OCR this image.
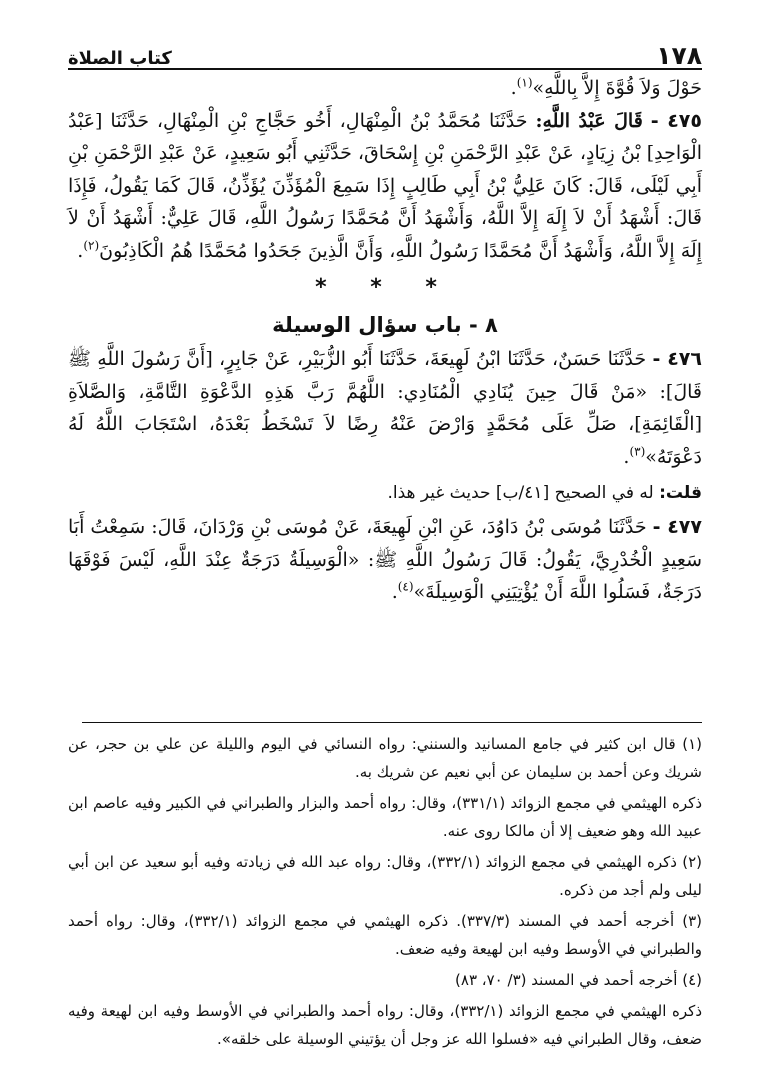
١٧٨
كتاب الصلاة

حَوْلَ وَلاَ قُوَّةَ إِلاَّ بِاللَّهِ»$^{(١)}$.

٤٧٥ - قَالَ عَبْدُ اللَّهِ: حَدَّثَنَا مُحَمَّدُ بْنُ الْمِنْهَالِ، أَخُو حَجَّاجِ بْنِ الْمِنْهَالِ، حَدَّثَنَا [عَبْدُ الْوَاحِدِ] بْنُ زِيَادٍ، عَنْ عَبْدِ الرَّحْمَنِ بْنِ إِسْحَاقَ، حَدَّثَنِي أَبُو سَعِيدٍ، عَنْ عَبْدِ الرَّحْمَنِ بْنِ أَبِي لَيْلَى، قَالَ: كَانَ عَلِيُّ بْنُ أَبِي طَالِبٍ إِذَا سَمِعَ الْمُؤَذِّنَ يُؤَذِّنُ، قَالَ كَمَا يَقُولُ، فَإِذَا قَالَ: أَشْهَدُ أَنْ لاَ إِلَهَ إِلاَّ اللَّهُ، وَأَشْهَدُ أَنَّ مُحَمَّدًا رَسُولُ اللَّهِ، قَالَ عَلِيٌّ: أَشْهَدُ أَنْ لاَ إِلَهَ إِلاَّ اللَّهُ، وَأَشْهَدُ أَنَّ مُحَمَّدًا رَسُولُ اللَّهِ، وَأَنَّ الَّذِينَ جَحَدُوا مُحَمَّدًا هُمُ الْكَاذِبُونَ$^{(٢)}$.

* * *
٨ - باب سؤال الوسيلة

٤٧٦ - حَدَّثَنَا حَسَنٌ، حَدَّثَنَا ابْنُ لَهِيعَةَ، حَدَّثَنَا أَبُو الزُّبَيْرِ، عَنْ جَابِرٍ، [أَنَّ رَسُولَ اللَّهِ ﷺ قَالَ]: «مَنْ قَالَ حِينَ يُنَادِي الْمُنَادِي: اللَّهُمَّ رَبَّ هَذِهِ الدَّعْوَةِ التَّامَّةِ، وَالصَّلاَةِ [الْقَائِمَةِ]، صَلِّ عَلَى مُحَمَّدٍ وَارْضَ عَنْهُ رِضًا لاَ تَسْخَطُ بَعْدَهُ، اسْتَجَابَ اللَّهُ لَهُ دَعْوَتَهُ»$^{(٣)}$.

قلت: له في الصحيح [٤١/ب] حديث غير هذا.

٤٧٧ - حَدَّثَنَا مُوسَى بْنُ دَاوُدَ، عَنِ ابْنِ لَهِيعَةَ، عَنْ مُوسَى بْنِ وَرْدَانَ، قَالَ: سَمِعْتُ أَبَا سَعِيدٍ الْخُدْرِيَّ، يَقُولُ: قَالَ رَسُولُ اللَّهِ ﷺ: «الْوَسِيلَةُ دَرَجَةٌ عِنْدَ اللَّهِ، لَيْسَ فَوْقَهَا دَرَجَةٌ، فَسَلُوا اللَّهَ أَنْ يُؤْتِيَنِي الْوَسِيلَةَ»$^{(٤)}$.

(١) قال ابن كثير في جامع المسانيد والسنني: رواه النسائي في اليوم والليلة عن علي بن حجر، عن شريك وعن أحمد بن سليمان عن أبي نعيم عن شريك به.

ذكره الهيثمي في مجمع الزوائد (٣٣١/١)، وقال: رواه أحمد والبزار والطبراني في الكبير وفيه عاصم ابن عبيد الله وهو ضعيف إلا أن مالكا روى عنه.

(٢) ذكره الهيثمي في مجمع الزوائد (٣٣٢/١)، وقال: رواه عبد الله في زيادته وفيه أبو سعيد عن ابن أبي ليلى ولم أجد من ذكره.

(٣) أخرجه أحمد في المسند (٣٣٧/٣). ذكره الهيثمي في مجمع الزوائد (٣٣٢/١)، وقال: رواه أحمد والطبراني في الأوسط وفيه ابن لهيعة وفيه ضعف.

(٤) أخرجه أحمد في المسند (٣/ ٧٠، ٨٣)

ذكره الهيثمي في مجمع الزوائد (٣٣٢/١)، وقال: رواه أحمد والطبراني في الأوسط وفيه ابن لهيعة وفيه ضعف، وقال الطبراني فيه «فسلوا الله عز وجل أن يؤتيني الوسيلة على خلقه».
